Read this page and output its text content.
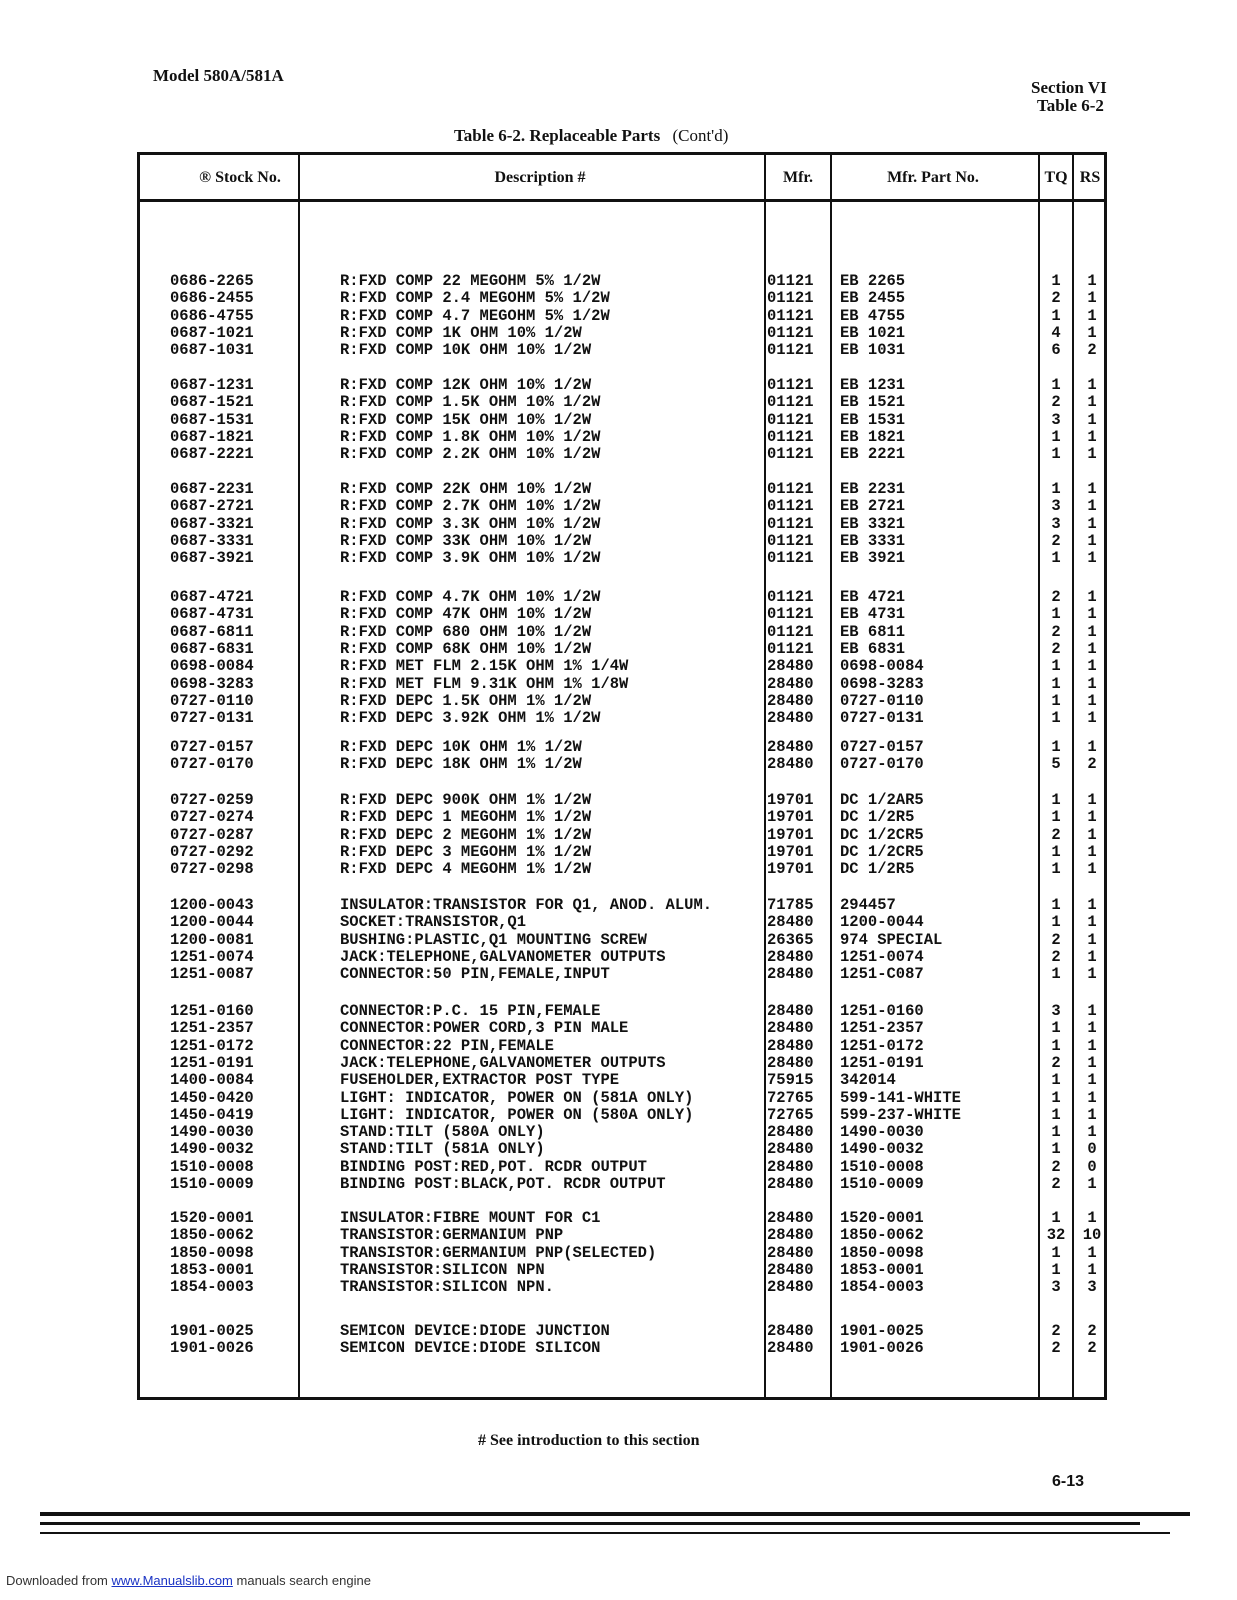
Model 580A/581A
Section VI
Table 6-2
Table 6-2. Replaceable Parts (Cont'd)
® Stock No.	Description #	Mfr.	Mfr. Part No.	TQ RS
0686-2265	R:FXD COMP 22 MEGOHM 5% 1/2W	01121 EB 2265	1	1
0686-2455	R:FXD COMP 2.4 MEGOHM 5% 1/2W	01121 EB 2455	2	1
0686-4755	R:FXD COMP 4.7 MEGOHM 5% 1/2W	01121 EB 4755	1	1
0687-1021	R:FXD COMP 1K OHM 10% 1/2W	01121 EB 1021	4	1
0687-1031	R:FXD COMP 10K OHM 10% 1/2W	01121 EB 1031	6	2
0687-1231	R:FXD COMP 12K OHM 10% 1/2W	01121 EB 1231	1	1
0687-1521	R:FXD COMP 1.5K OHM 10% 1/2W	01121 EB 1521	2	1
0687-1531	R:FXD COMP 15K OHM 10% 1/2W	01121 EB 1531	3	1
0687-1821	R:FXD COMP 1.8K OHM 10% 1/2W	01121 EB 1821	1	1
0687-2221	R:FXD COMP 2.2K OHM 10% 1/2W	01121 EB 2221	1	1
0687-2231	R:FXD COMP 22K OHM 10% 1/2W	01121 EB 2231	1	1
0687-2721	R:FXD COMP 2.7K OHM 10% 1/2W	01121 EB 2721	3	1
0687-3321	R:FXD COMP 3.3K OHM 10% 1/2W	01121 EB 3321	3	1
0687-3331	R:FXD COMP 33K OHM 10% 1/2W	01121 EB 3331	2	1
0687-3921	R:FXD COMP 3.9K OHM 10% 1/2W	01121 EB 3921	1	1
0687-4721	R:FXD COMP 4.7K OHM 10% 1/2W	01121 EB 4721	2	1
0687-4731	R:FXD COMP 47K OHM 10% 1/2W	01121 EB 4731	1	1
0687-6811	R:FXD COMP 680 OHM 10% 1/2W	01121 EB 6811	2	1
0687-6831	R:FXD COMP 68K OHM 10% 1/2W	01121 EB 6831	2	1
0698-0084	R:FXD MET FLM 2.15K OHM 1% 1/4W	28480 0698-0084	1	1
0698-3283	R:FXD MET FLM 9.31K OHM 1% 1/8W	28480 0698-3283	1	1
0727-0110	R:FXD DEPC 1.5K OHM 1% 1/2W	28480 0727-0110	1	1
0727-0131	R:FXD DEPC 3.92K OHM 1% 1/2W	28480 0727-0131	1	1
0727-0157	R:FXD DEPC 10K OHM 1% 1/2W	28480 0727-0157	1	1
0727-0170	R:FXD DEPC 18K OHM 1% 1/2W	28480 0727-0170	5	2
0727-0259	R:FXD DEPC 900K OHM 1% 1/2W	19701 DC 1/2AR5	1	1
0727-0274	R:FXD DEPC 1 MEGOHM 1% 1/2W	19701 DC 1/2R5	1	1
0727-0287	R:FXD DEPC 2 MEGOHM 1% 1/2W	19701 DC 1/2CR5	2	1
0727-0292	R:FXD DEPC 3 MEGOHM 1% 1/2W	19701 DC 1/2CR5	1	1
0727-0298	R:FXD DEPC 4 MEGOHM 1% 1/2W	19701 DC 1/2R5	1	1
1200-0043	INSULATOR:TRANSISTOR FOR Q1, ANOD. ALUM.	71785 294457	1	1
1200-0044	SOCKET:TRANSISTOR,Q1	28480 1200-0044	1	1
1200-0081	BUSHING:PLASTIC,Q1 MOUNTING SCREW	26365 974 SPECIAL	2	1
1251-0074	JACK:TELEPHONE,GALVANOMETER OUTPUTS	28480 1251-0074	2	1
1251-0087	CONNECTOR:50 PIN,FEMALE,INPUT	28480 1251-C087	1	1
1251-0160	CONNECTOR:P.C. 15 PIN,FEMALE	28480 1251-0160	3	1
1251-2357	CONNECTOR:POWER CORD,3 PIN MALE	28480 1251-2357	1	1
1251-0172	CONNECTOR:22 PIN,FEMALE	28480 1251-0172	1	1
1251-0191	JACK:TELEPHONE,GALVANOMETER OUTPUTS	28480 1251-0191	2	1
1400-0084	FUSEHOLDER,EXTRACTOR POST TYPE	75915 342014	1	1
1450-0420	LIGHT: INDICATOR, POWER ON (581A ONLY)	72765 599-141-WHITE	1	1
1450-0419	LIGHT: INDICATOR, POWER ON (580A ONLY)	72765 599-237-WHITE	1	1
1490-0030	STAND:TILT (580A ONLY)	28480 1490-0030	1	1
1490-0032	STAND:TILT (581A ONLY)	28480 1490-0032	1	0
1510-0008	BINDING POST:RED,POT. RCDR OUTPUT	28480 1510-0008	2	0
1510-0009	BINDING POST:BLACK,POT. RCDR OUTPUT	28480 1510-0009	2	1
1520-0001	INSULATOR:FIBRE MOUNT FOR C1	28480 1520-0001	1	1
1850-0062	TRANSISTOR:GERMANIUM PNP	28480 1850-0062	32 10
1850-0098	TRANSISTOR:GERMANIUM PNP(SELECTED)	28480 1850-0098	1	1
1853-0001	TRANSISTOR:SILICON NPN	28480 1853-0001	1	1
1854-0003	TRANSISTOR:SILICON NPN.	28480 1854-0003	3	3
1901-0025	SEMICON DEVICE:DIODE JUNCTION	28480 1901-0025	2	2
1901-0026	SEMICON DEVICE:DIODE SILICON	28480 1901-0026	2	2
# See introduction to this section
6-13
Downloaded from www.Manualslib.com manuals search engine
